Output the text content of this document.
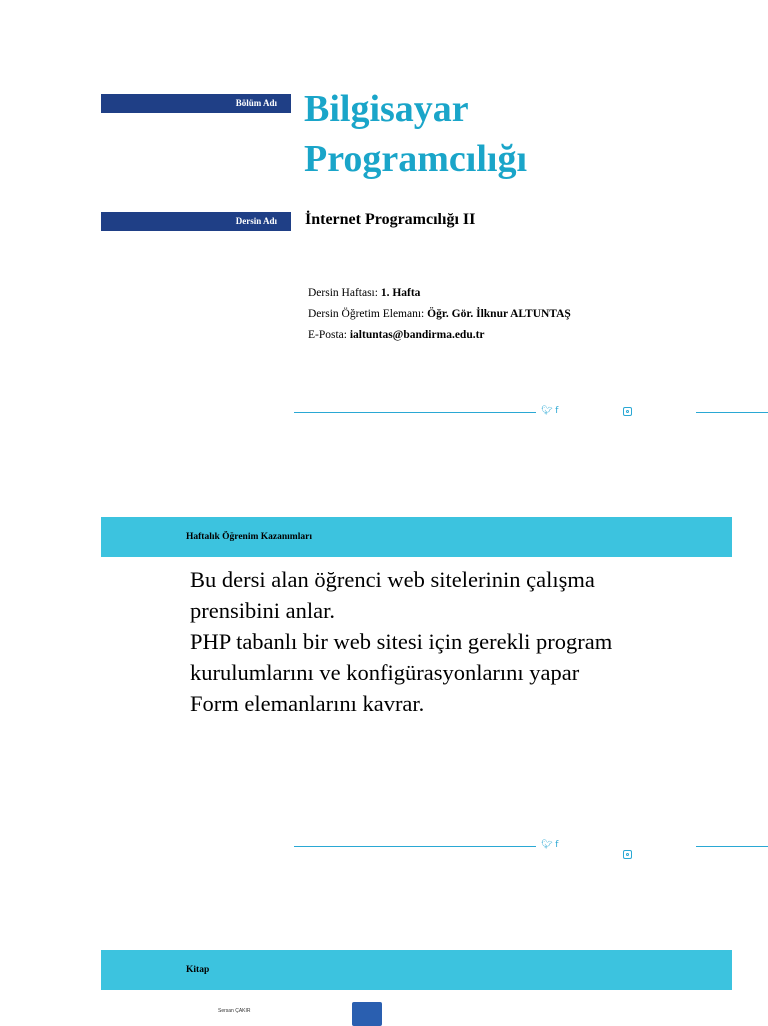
Bölüm Adı Bilgisayar
Programcılığı
Dersin Adı	İnternet Programcılığı II
Dersin Haftası: 1. Hafta
Dersin Öğretim Elemanı: Öğr. Gör. İlknur ALTUNTAŞ
E-Posta: ialtuntas@bandirma.edu.tr
🐦︎ f
Haftalık Öğrenim Kazanımları
Bu dersi alan öğrenci web sitelerinin çalışma
prensibini anlar.
PHP tabanlı bir web sitesi için gerekli program
kurulumlarını ve konfigürasyonlarını yapar
Form elemanlarını kavrar.
🐦︎ f
Kitap
Sersan ÇAKIR
